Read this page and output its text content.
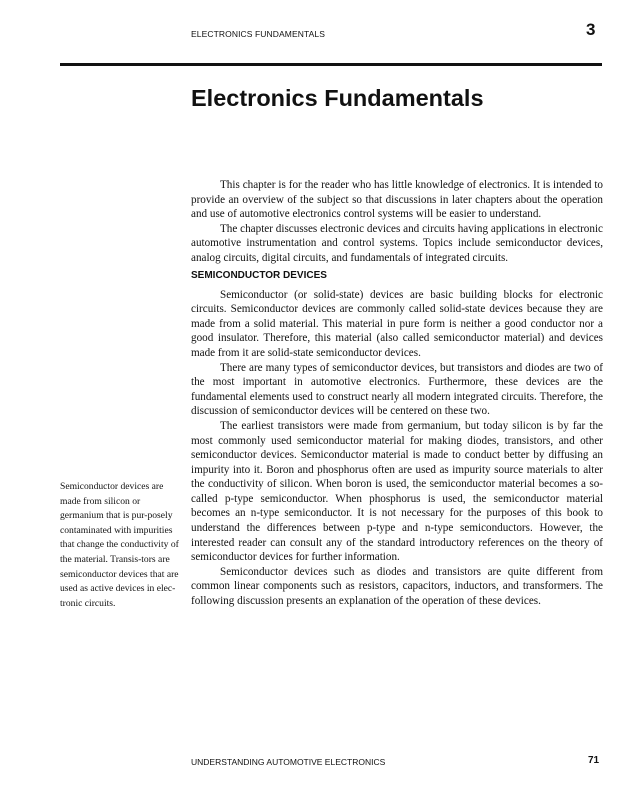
ELECTRONICS FUNDAMENTALS	3
Electronics Fundamentals

This chapter is for the reader who has little knowledge of electronics. It is intended to provide an overview of the subject so that discussions in later chapters about the operation and use of automotive electronics control systems will be easier to understand.

The chapter discusses electronic devices and circuits having applications in electronic automotive instrumentation and control systems. Topics include semiconductor devices, analog circuits, digital circuits, and fundamentals of integrated circuits.

SEMICONDUCTOR DEVICES

Semiconductor (or solid-state) devices are basic building blocks for electronic circuits. Semiconductor devices are commonly called solid-state devices because they are made from a solid material. This material in pure form is neither a good conductor nor a good insulator. Therefore, this material (also called semiconductor material) and devices made from it are solid-state semiconductor devices.

There are many types of semiconductor devices, but transistors and diodes are two of the most important in automotive electronics. Furthermore, these devices are the fundamental elements used to construct nearly all modern integrated circuits. Therefore, the discussion of semiconductor devices will be centered on these two.

The earliest transistors were made from germanium, but today silicon is by far the most commonly used semiconductor material for making diodes, transistors, and other semiconductor devices. Semiconductor material is made to conduct better by diffusing an impurity into it. Boron and phosphorus often are used as impurity source materials to alter the conductivity of silicon. When boron is used, the semiconductor material becomes a so-called p-type semiconductor. When phosphorus is used, the semiconductor material becomes an n-type semiconductor. It is not necessary for the purposes of this book to understand the differences between p-type and n-type semiconductors. However, the interested reader can consult any of the standard introductory references on the theory of semiconductor devices for further information.

Semiconductor devices such as diodes and transistors are quite different from common linear components such as resistors, capacitors, inductors, and transformers. The following discussion presents an explanation of the operation of these devices.

Semiconductor devices are made from silicon or germanium that is pur-posely contaminated with impurities that change the conductivity of the material. Transis-tors are semiconductor devices that are used as active devices in elec-tronic circuits.

UNDERSTANDING AUTOMOTIVE ELECTRONICS	71
